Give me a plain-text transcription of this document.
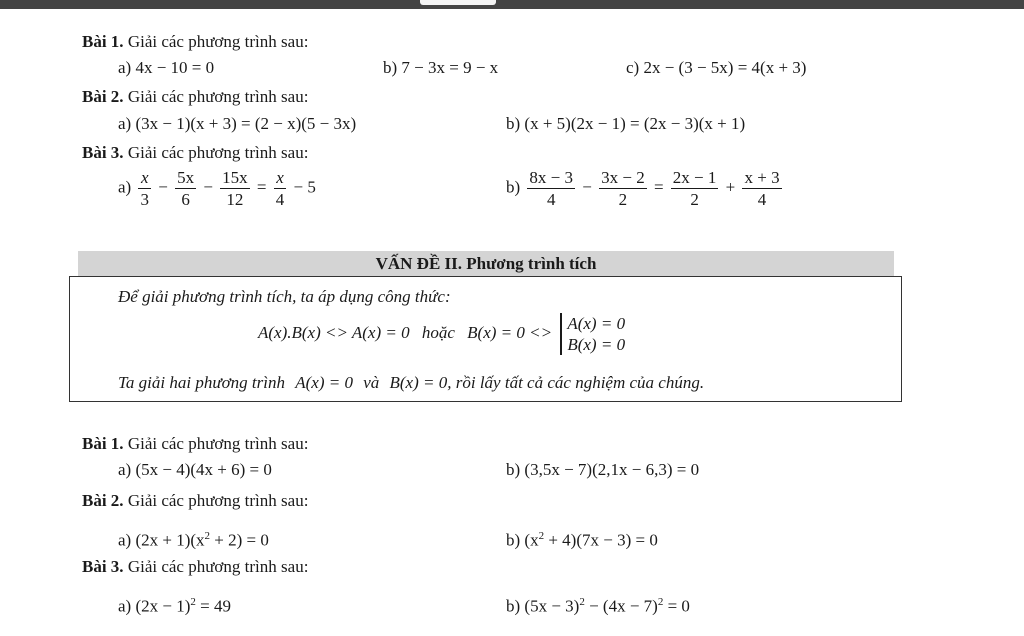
Bài 1. Giải các phương trình sau:
a) 4x − 10 = 0	b) 7 − 3x = 9 − x	c) 2x − (3 − 5x) = 4(x + 3)
Bài 2. Giải các phương trình sau:
a) (3x − 1)(x + 3) = (2 − x)(5 − 3x)	b) (x + 5)(2x − 1) = (2x − 3)(x + 1)
Bài 3. Giải các phương trình sau:
$a) \frac{x}{3} - \frac{5x}{6} - \frac{15x}{12} = \frac{x}{4} - 5$	$b) \frac{8x - 3}{4} - \frac{3x - 2}{2} = \frac{2x - 1}{2} + \frac{x + 3}{4}$
VẤN ĐỀ II. Phương trình tích
Để giải phương trình tích, ta áp dụng công thức:
A(x).B(x) <> A(x) = 0 hoặc B(x) = 0 <> A(x) = 0
B(x) = 0
Ta giải hai phương trình A(x) = 0 và B(x) = 0, rồi lấy tất cả các nghiệm của chúng.
Bài 1. Giải các phương trình sau:
a) (5x − 4)(4x + 6) = 0	b) (3,5x − 7)(2,1x − 6,3) = 0
Bài 2. Giải các phương trình sau:
a) $(2x + 1)(x^2 + 2) = 0$	b) $(x^2 + 4)(7x - 3) = 0$
Bài 3. Giải các phương trình sau:
a) $(2x - 1)^2 = 49$	b) $(5x - 3)^2 - (4x - 7)^2 = 0$
